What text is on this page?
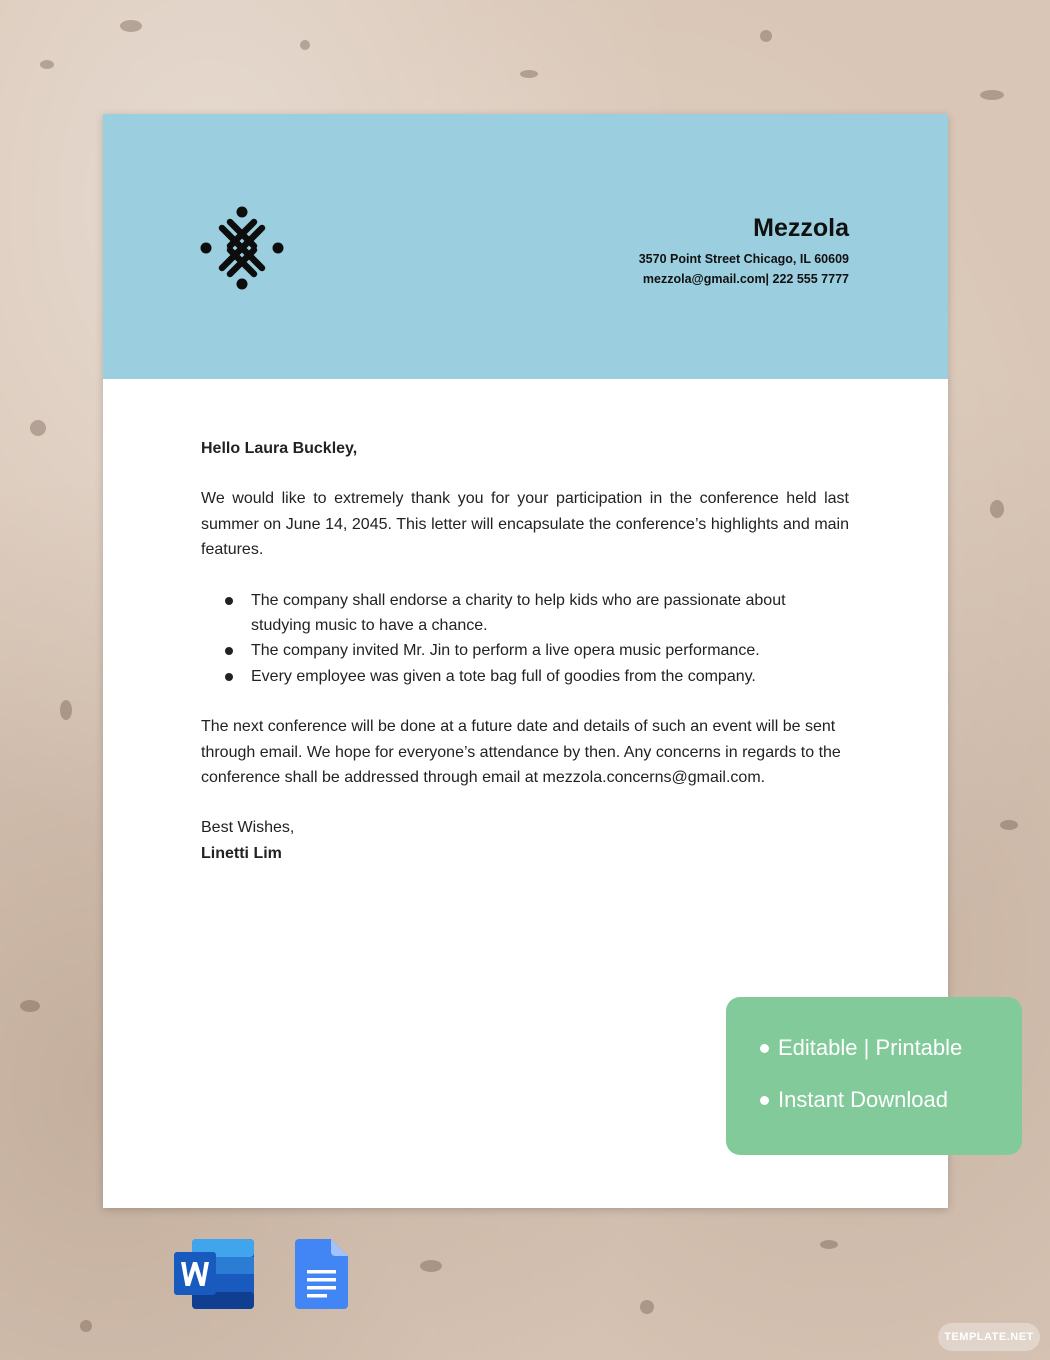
Mezzola
3570 Point Street Chicago, IL 60609
mezzola@gmail.com| 222 555 7777

Hello Laura Buckley,

We would like to extremely thank you for your participation in the conference held last summer on June 14, 2045. This letter will encapsulate the conference’s highlights and main features.

The company shall endorse a charity to help kids who are passionate about studying music to have a chance.
The company invited Mr. Jin to perform a live opera music performance.
Every employee was given a tote bag full of goodies from the company.

The next conference will be done at a future date and details of such an event will be sent through email. We hope for everyone’s attendance by then. Any concerns in regards to the conference shall be addressed through email at mezzola.concerns@gmail.com.

Best Wishes,

Linetti Lim

Editable | Printable
Instant Download
TEMPLATE.NET
